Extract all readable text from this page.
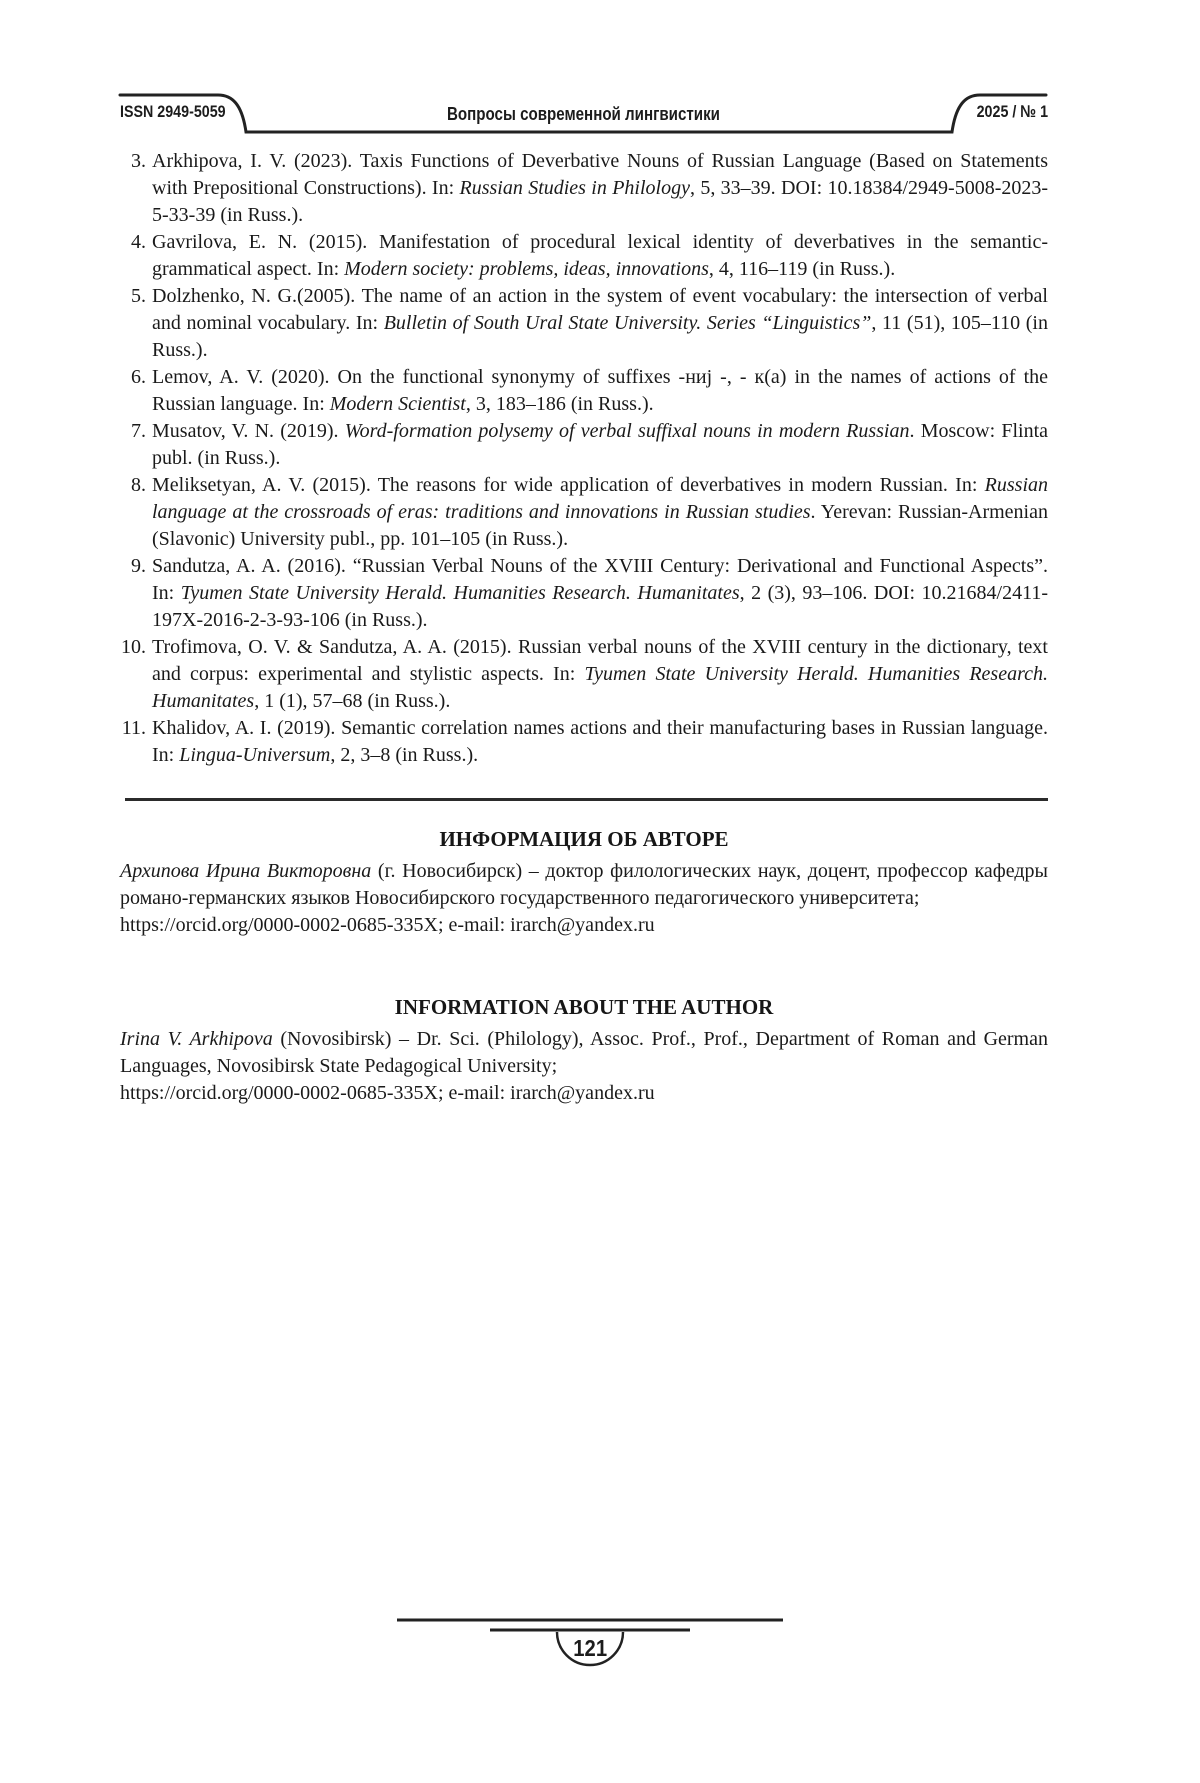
ISSN 2949-5059	Вопросы современной лингвистики	2025 / № 1
3. Arkhipova, I. V. (2023). Taxis Functions of Deverbative Nouns of Russian Language (Based on Statements with Prepositional Constructions). In: Russian Studies in Philology, 5, 33–39. DOI: 10.18384/2949-5008-2023-5-33-39 (in Russ.).
4. Gavrilova, E. N. (2015). Manifestation of procedural lexical identity of deverbatives in the semantic-grammatical aspect. In: Modern society: problems, ideas, innovations, 4, 116–119 (in Russ.).
5. Dolzhenko, N. G.(2005). The name of an action in the system of event vocabulary: the intersection of verbal and nominal vocabulary. In: Bulletin of South Ural State University. Series “Linguistics”, 11 (51), 105–110 (in Russ.).
6. Lemov, A. V. (2020). On the functional synonymy of suffixes -ниј -, - к(а) in the names of actions of the Russian language. In: Modern Scientist, 3, 183–186 (in Russ.).
7. Musatov, V. N. (2019). Word-formation polysemy of verbal suffixal nouns in modern Russian. Moscow: Flinta publ. (in Russ.).
8. Meliksetyan, A. V. (2015). The reasons for wide application of deverbatives in modern Russian. In: Russian language at the crossroads of eras: traditions and innovations in Russian studies. Yerevan: Russian-Armenian (Slavonic) University publ., pp. 101–105 (in Russ.).
9. Sandutza, A. A. (2016). “Russian Verbal Nouns of the XVIII Century: Derivational and Functional Aspects”. In: Tyumen State University Herald. Humanities Research. Humanitates, 2 (3), 93–106. DOI: 10.21684/2411-197X-2016-2-3-93-106 (in Russ.).
10. Trofimova, O. V. & Sandutza, A. A. (2015). Russian verbal nouns of the XVIII century in the dictionary, text and corpus: experimental and stylistic aspects. In: Tyumen State University Herald. Humanities Research. Humanitates, 1 (1), 57–68 (in Russ.).
11. Khalidov, A. I. (2019). Semantic correlation names actions and their manufacturing bases in Russian language. In: Lingua-Universum, 2, 3–8 (in Russ.).
ИНФОРМАЦИЯ ОБ АВТОРЕ
Архипова Ирина Викторовна (г. Новосибирск) – доктор филологических наук, доцент, профессор кафедры романо-германских языков Новосибирского государственного педагогического университета;
https://orcid.org/0000-0002-0685-335X; e-mail: irarch@yandex.ru
INFORMATION ABOUT THE AUTHOR
Irina V. Arkhipova (Novosibirsk) – Dr. Sci. (Philology), Assoc. Prof., Prof., Department of Roman and German Languages, Novosibirsk State Pedagogical University;
https://orcid.org/0000-0002-0685-335X; e-mail: irarch@yandex.ru
121
